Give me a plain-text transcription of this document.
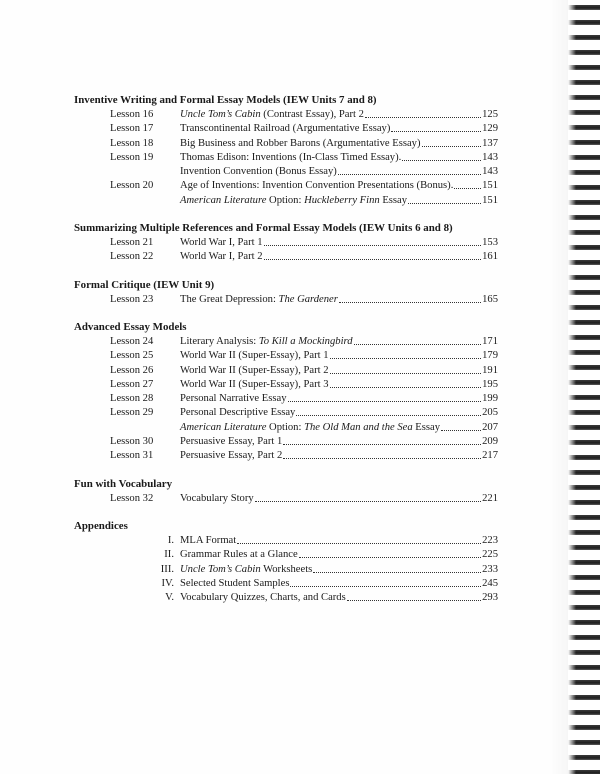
Inventive Writing and Formal Essay Models (IEW Units 7 and 8)
Lesson 16	Uncle Tom’s Cabin (Contrast Essay), Part 2	125
Lesson 17	Transcontinental Railroad (Argumentative Essay)	129
Lesson 18	Big Business and Robber Barons (Argumentative Essay)	137
Lesson 19	Thomas Edison: Inventions (In-Class Timed Essay).	143
Invention Convention (Bonus Essay)	143
Lesson 20	Age of Inventions: Invention Convention Presentations (Bonus).	151
American Literature Option: Huckleberry Finn Essay	151
Summarizing Multiple References and Formal Essay Models (IEW Units 6 and 8)
Lesson 21	World War I, Part 1	153
Lesson 22	World War I, Part 2	161
Formal Critique (IEW Unit 9)
Lesson 23	The Great Depression: The Gardener	165
Advanced Essay Models
Lesson 24	Literary Analysis: To Kill a Mockingbird	171
Lesson 25	World War II (Super-Essay), Part 1	179
Lesson 26	World War II (Super-Essay), Part 2	191
Lesson 27	World War II (Super-Essay), Part 3	195
Lesson 28	Personal Narrative Essay	199
Lesson 29	Personal Descriptive Essay	205
American Literature Option: The Old Man and the Sea Essay	207
Lesson 30	Persuasive Essay, Part 1	209
Lesson 31	Persuasive Essay, Part 2	217
Fun with Vocabulary
Lesson 32	Vocabulary Story	221
Appendices
I. MLA Format	223
II. Grammar Rules at a Glance	225
III. Uncle Tom’s Cabin Worksheets	233
IV. Selected Student Samples	245
V. Vocabulary Quizzes, Charts, and Cards	293
